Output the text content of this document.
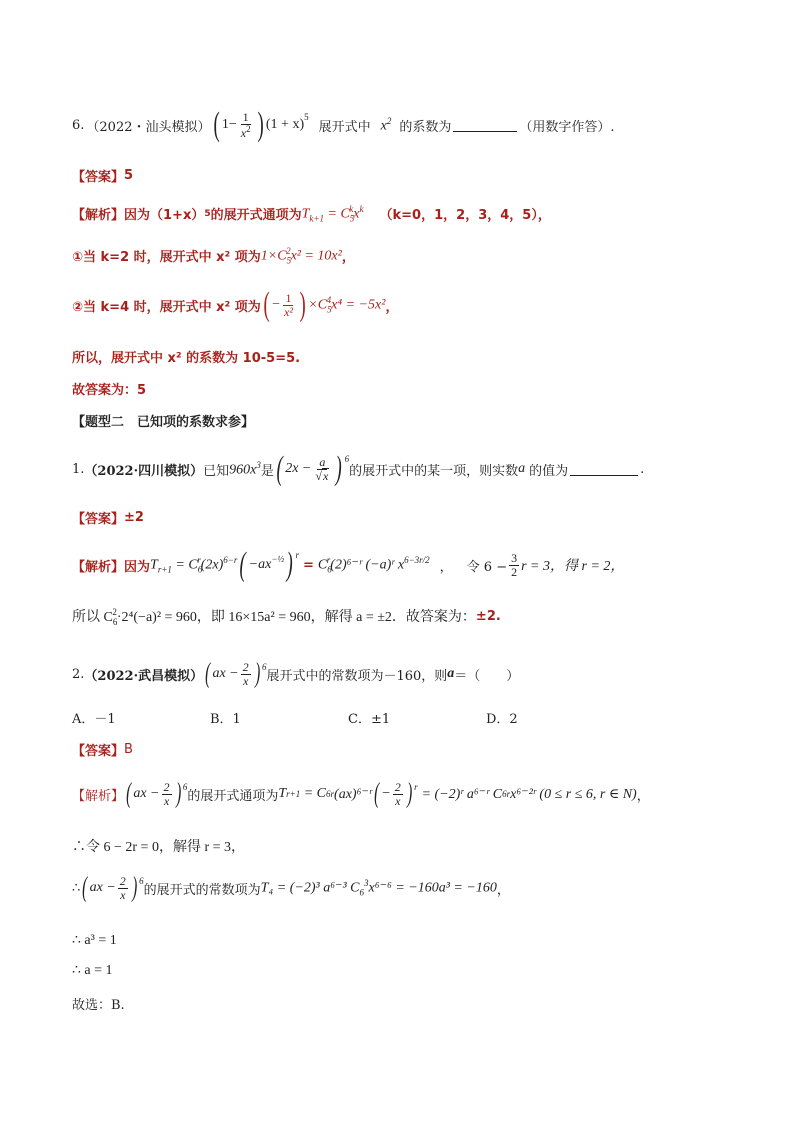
6. （2022・汕头模拟） ( $1- \frac{1}{x^2}$ ) $(1 + x)^5$
展开式中 $x^2$ 的系数为	（用数字作答）.
【答案】 5
【解析】 因为（1+x） 5 的展开式通项为 $T_{k+1} = C_5^kx^k$ （k=0，1，2，3，4，5），
①当 k=2 时，展开式中 x² 项为 $1\times C_5^2x^2 = 10x^2$ ，
②当 k=4 时，展开式中 x² 项为 ( − $\frac{1}{\text{x²}}$ ) $\times C_5^4x^4 = -5x^2$ ，
所以，展开式中 x² 的系数为 10-5=5.
故答案为：5
【题型二　已知项的系数求参】
1. （2022·四川模拟） 已知 $960x^3$ 是 ( $2x - \frac{a}{√x}$ ) $^6$
的展开式中的某一项，则实数 a 的值为	.
【答案】 ±2
【解析】 因为 $T_{r+1} = C_6^r(2x)^{6-r}$ ( $-ax^{-\frac{1}{2}}$ ) $^r$
= $C_6^r(2)^{6-}ʳ$ (−a)ʳ $x^{6-3r/2}$ ， 令 $6 - \frac{3}{2}$ r = 3，得 r = 2，
所以 $C_6^2\cdot 2^4(-a)^2 = 960$，即 16×15a² = 960，解得 a = ±2．故答案为： ±2.
2. （2022·武昌模拟） ( ax − $\frac{2}{x} )^6$
展开式中的常数项为－160，则 a ＝（　　）
A．－1	B．1	C．±1	D．2
【答案】 B
【解析】 ( ax − $\frac{2}{x} )^6$
的展开式通项为 T r+1
= C 6 r (ax)⁶⁻ʳ ( − $\frac{2}{x} )^r$ = (−2)ʳ a⁶⁻ʳ C 6 r x⁶⁻²ʳ (0 ≤ r ≤ 6, r ∈ N) ，
∴令 6 − 2r = 0，解得 r = 3，
∴ ( ax − $\frac{2}{x} )^6$
的展开式的常数项为 T₄ = (−2)³ a⁶⁻³ $C_6^3x^{6-6} = -160a^3 = -160$ ，
∴ a³ = 1
∴ a = 1
故选：B.
